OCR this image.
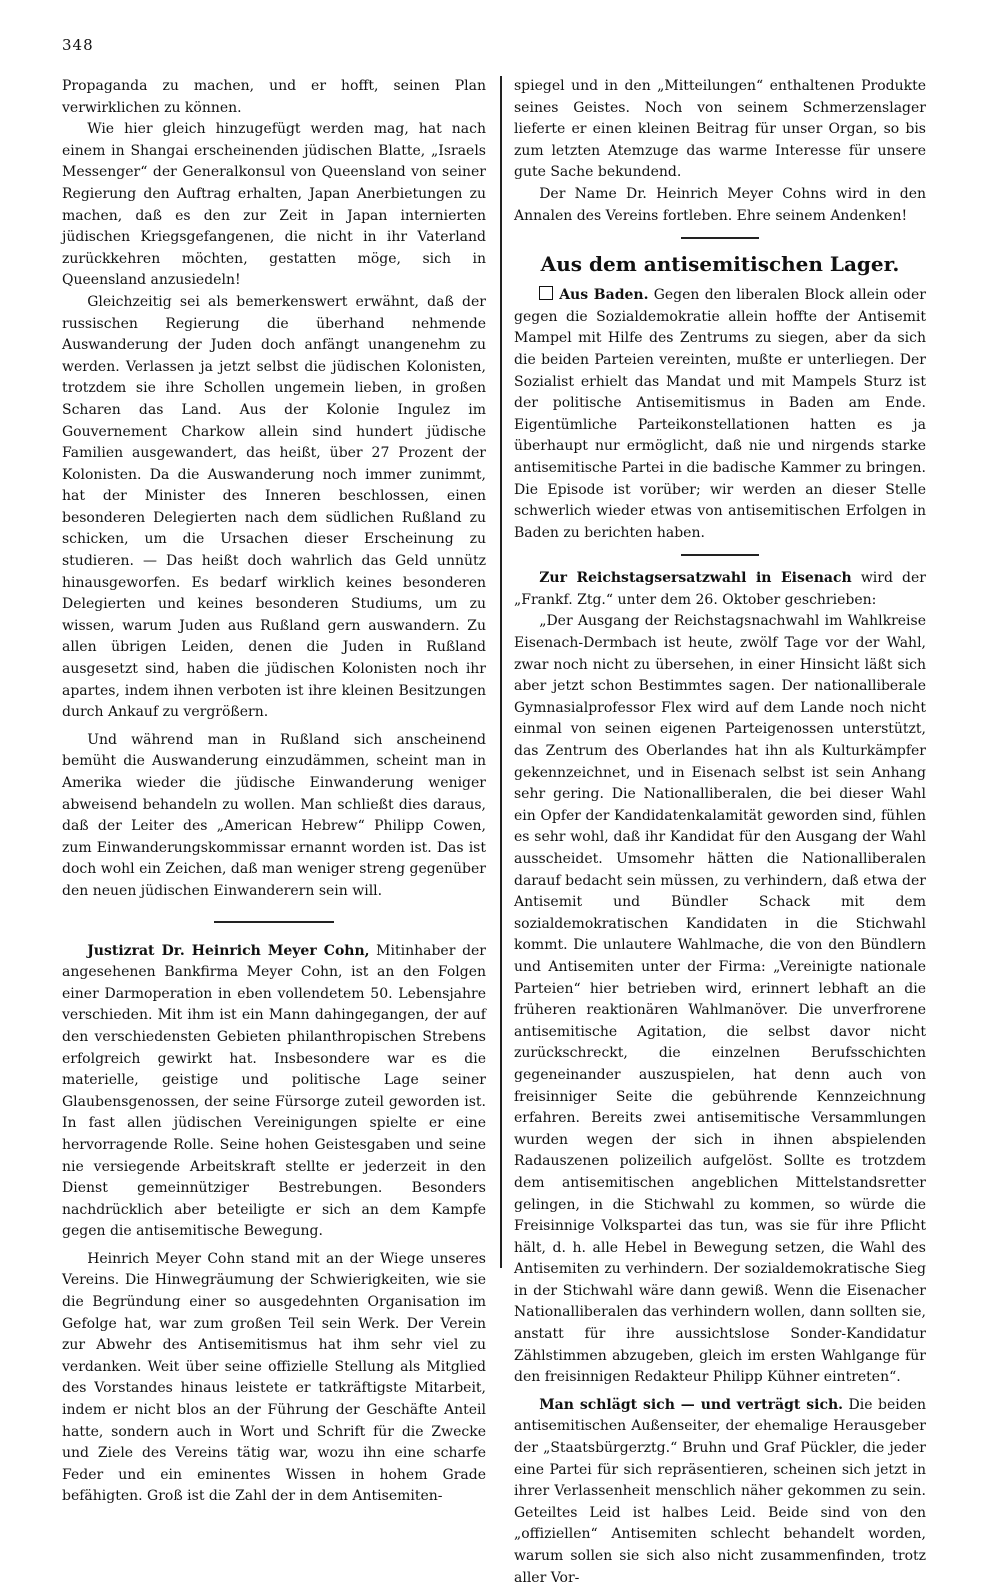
348

Propaganda zu machen, und er hofft, seinen Plan verwirklichen zu können.

Wie hier gleich hinzugefügt werden mag, hat nach einem in Shangai erscheinenden jüdischen Blatte, „Israels Messenger“ der Generalkonsul von Queensland von seiner Regierung den Auftrag erhalten, Japan Anerbietungen zu machen, daß es den zur Zeit in Japan internierten jüdischen Kriegsgefangenen, die nicht in ihr Vaterland zurückkehren möchten, gestatten möge, sich in Queensland anzusiedeln!

Gleichzeitig sei als bemerkenswert erwähnt, daß der russischen Regierung die überhand nehmende Auswanderung der Juden doch anfängt unangenehm zu werden. Verlassen ja jetzt selbst die jüdischen Kolonisten, trotzdem sie ihre Schollen ungemein lieben, in großen Scharen das Land. Aus der Kolonie Ingulez im Gouvernement Charkow allein sind hundert jüdische Familien ausgewandert, das heißt, über 27 Prozent der Kolonisten. Da die Auswanderung noch immer zunimmt, hat der Minister des Inneren beschlossen, einen besonderen Delegierten nach dem südlichen Rußland zu schicken, um die Ursachen dieser Erscheinung zu studieren. — Das heißt doch wahrlich das Geld unnütz hinausgeworfen. Es bedarf wirklich keines besonderen Delegierten und keines besonderen Studiums, um zu wissen, warum Juden aus Rußland gern auswandern. Zu allen übrigen Leiden, denen die Juden in Rußland ausgesetzt sind, haben die jüdischen Kolonisten noch ihr apartes, indem ihnen verboten ist ihre kleinen Besitzungen durch Ankauf zu vergrößern.

Und während man in Rußland sich anscheinend bemüht die Auswanderung einzudämmen, scheint man in Amerika wieder die jüdische Einwanderung weniger abweisend behandeln zu wollen. Man schließt dies daraus, daß der Leiter des „American Hebrew“ Philipp Cowen, zum Einwanderungskommissar ernannt worden ist. Das ist doch wohl ein Zeichen, daß man weniger streng gegenüber den neuen jüdischen Einwanderern sein will.

Justizrat Dr. Heinrich Meyer Cohn, Mitinhaber der angesehenen Bankfirma Meyer Cohn, ist an den Folgen einer Darmoperation in eben vollendetem 50. Lebensjahre verschieden. Mit ihm ist ein Mann dahingegangen, der auf den verschiedensten Gebieten philanthropischen Strebens erfolgreich gewirkt hat. Insbesondere war es die materielle, geistige und politische Lage seiner Glaubensgenossen, der seine Fürsorge zuteil geworden ist. In fast allen jüdischen Vereinigungen spielte er eine hervorragende Rolle. Seine hohen Geistesgaben und seine nie versiegende Arbeitskraft stellte er jederzeit in den Dienst gemeinnütziger Bestrebungen. Besonders nachdrücklich aber beteiligte er sich an dem Kampfe gegen die antisemitische Bewegung.

Heinrich Meyer Cohn stand mit an der Wiege unseres Vereins. Die Hinwegräumung der Schwierigkeiten, wie sie die Begründung einer so ausgedehnten Organisation im Gefolge hat, war zum großen Teil sein Werk. Der Verein zur Abwehr des Antisemitismus hat ihm sehr viel zu verdanken. Weit über seine offizielle Stellung als Mitglied des Vorstandes hinaus leistete er tatkräftigste Mitarbeit, indem er nicht blos an der Führung der Geschäfte Anteil hatte, sondern auch in Wort und Schrift für die Zwecke und Ziele des Vereins tätig war, wozu ihn eine scharfe Feder und ein eminentes Wissen in hohem Grade befähigten. Groß ist die Zahl der in dem Antisemiten-

spiegel und in den „Mitteilungen“ enthaltenen Produkte seines Geistes. Noch von seinem Schmerzenslager lieferte er einen kleinen Beitrag für unser Organ, so bis zum letzten Atemzuge das warme Interesse für unsere gute Sache bekundend.

Der Name Dr. Heinrich Meyer Cohns wird in den Annalen des Vereins fortleben. Ehre seinem Andenken!

Aus dem antisemitischen Lager.

Aus Baden. Gegen den liberalen Block allein oder gegen die Sozialdemokratie allein hoffte der Antisemit Mampel mit Hilfe des Zentrums zu siegen, aber da sich die beiden Parteien vereinten, mußte er unterliegen. Der Sozialist erhielt das Mandat und mit Mampels Sturz ist der politische Antisemitismus in Baden am Ende. Eigentümliche Parteikonstellationen hatten es ja überhaupt nur ermöglicht, daß nie und nirgends starke antisemitische Partei in die badische Kammer zu bringen. Die Episode ist vorüber; wir werden an dieser Stelle schwerlich wieder etwas von antisemitischen Erfolgen in Baden zu berichten haben.

Zur Reichstagsersatzwahl in Eisenach wird der „Frankf. Ztg.“ unter dem 26. Oktober geschrieben:

„Der Ausgang der Reichstagsnachwahl im Wahlkreise Eisenach-Dermbach ist heute, zwölf Tage vor der Wahl, zwar noch nicht zu übersehen, in einer Hinsicht läßt sich aber jetzt schon Bestimmtes sagen. Der nationalliberale Gymnasialprofessor Flex wird auf dem Lande noch nicht einmal von seinen eigenen Parteigenossen unterstützt, das Zentrum des Oberlandes hat ihn als Kulturkämpfer gekennzeichnet, und in Eisenach selbst ist sein Anhang sehr gering. Die Nationalliberalen, die bei dieser Wahl ein Opfer der Kandidatenkalamität geworden sind, fühlen es sehr wohl, daß ihr Kandidat für den Ausgang der Wahl ausscheidet. Umsomehr hätten die Nationalliberalen darauf bedacht sein müssen, zu verhindern, daß etwa der Antisemit und Bündler Schack mit dem sozialdemokratischen Kandidaten in die Stichwahl kommt. Die unlautere Wahlmache, die von den Bündlern und Antisemiten unter der Firma: „Vereinigte nationale Parteien“ hier betrieben wird, erinnert lebhaft an die früheren reaktionären Wahlmanöver. Die unverfrorene antisemitische Agitation, die selbst davor nicht zurückschreckt, die einzelnen Berufsschichten gegeneinander auszuspielen, hat denn auch von freisinniger Seite die gebührende Kennzeichnung erfahren. Bereits zwei antisemitische Versammlungen wurden wegen der sich in ihnen abspielenden Radauszenen polizeilich aufgelöst. Sollte es trotzdem dem antisemitischen angeblichen Mittelstandsretter gelingen, in die Stichwahl zu kommen, so würde die Freisinnige Volkspartei das tun, was sie für ihre Pflicht hält, d. h. alle Hebel in Bewegung setzen, die Wahl des Antisemiten zu verhindern. Der sozialdemokratische Sieg in der Stichwahl wäre dann gewiß. Wenn die Eisenacher Nationalliberalen das verhindern wollen, dann sollten sie, anstatt für ihre aussichtslose Sonder-Kandidatur Zählstimmen abzugeben, gleich im ersten Wahlgange für den freisinnigen Redakteur Philipp Kühner eintreten“.

Man schlägt sich — und verträgt sich. Die beiden antisemitischen Außenseiter, der ehemalige Herausgeber der „Staatsbürgerztg.“ Bruhn und Graf Pückler, die jeder eine Partei für sich repräsentieren, scheinen sich jetzt in ihrer Verlassenheit menschlich näher gekommen zu sein. Geteiltes Leid ist halbes Leid. Beide sind von den „offiziellen“ Antisemiten schlecht behandelt worden, warum sollen sie sich also nicht zusammenfinden, trotz aller Vor-
